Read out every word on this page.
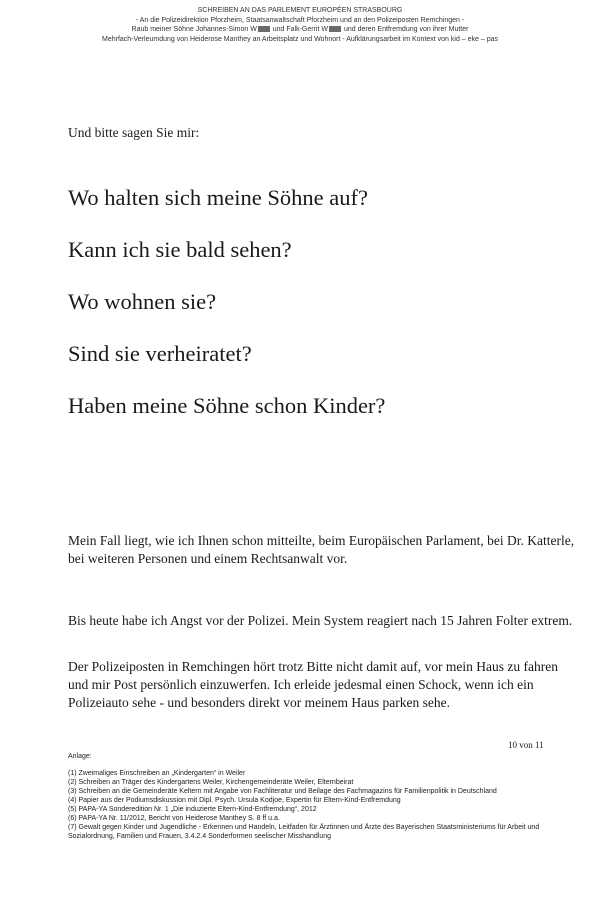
SCHREIBEN AN DAS PARLEMENT EUROPÉEN STRASBOURG
- An die Polizeidirektion Pforzheim, Staatsanwaltschaft Pforzheim und an den Polizeiposten Remchingen -
Raub meiner Söhne Johannes-Simon W und Falk-Gerrit W und deren Entfremdung von ihrer Mutter
Mehrfach-Verleumdung von Heiderose Manthey an Arbeitsplatz und Wohnort - Aufklärungsarbeit im Kontext von kid – eke – pas
Und bitte sagen Sie mir:
Wo halten sich meine Söhne auf?
Kann ich sie bald sehen?
Wo wohnen sie?
Sind sie verheiratet?
Haben meine Söhne schon Kinder?

Mein Fall liegt, wie ich Ihnen schon mitteilte, beim Europäischen Parlament, bei Dr. Katterle, bei weiteren Personen und einem Rechtsanwalt vor.

Bis heute habe ich Angst vor der Polizei. Mein System reagiert nach 15 Jahren Folter extrem.

Der Polizeiposten in Remchingen hört trotz Bitte nicht damit auf, vor mein Haus zu fahren und mir Post persönlich einzuwerfen. Ich erleide jedesmal einen Schock, wenn ich ein Polizeiauto sehe - und besonders direkt vor meinem Haus parken sehe.

10 von 11
Anlage:
(1) Zweimaliges Einschreiben an „Kindergarten“ in Weiler
(2) Schreiben an Träger des Kindergartens Weiler, Kirchengemeinderäte Weiler, Elternbeirat
(3) Schreiben an die Gemeinderäte Keltern mit Angabe von Fachliteratur und Beilage des Fachmagazins für Familienpolitik in Deutschland
(4) Papier aus der Podiumsdiskussion mit Dipl. Psych. Ursula Kodjoe, Expertin für Eltern-Kind-Entfremdung
(5) PAPA-YA Sonderedition Nr. 1 „Die induzierte Eltern-Kind-Entfremdung“, 2012
(6) PAPA-YA Nr. 11/2012, Bericht von Heiderose Manthey S. 8 ff u.a.
(7) Gewalt gegen Kinder und Jugendliche - Erkennen und Handeln, Leitfaden für Ärztinnen und Ärzte des Bayerischen Staatsministeriums für Arbeit und Sozialordnung, Familien und Frauen, 3.4.2.4 Sonderformen seelischer Misshandlung
